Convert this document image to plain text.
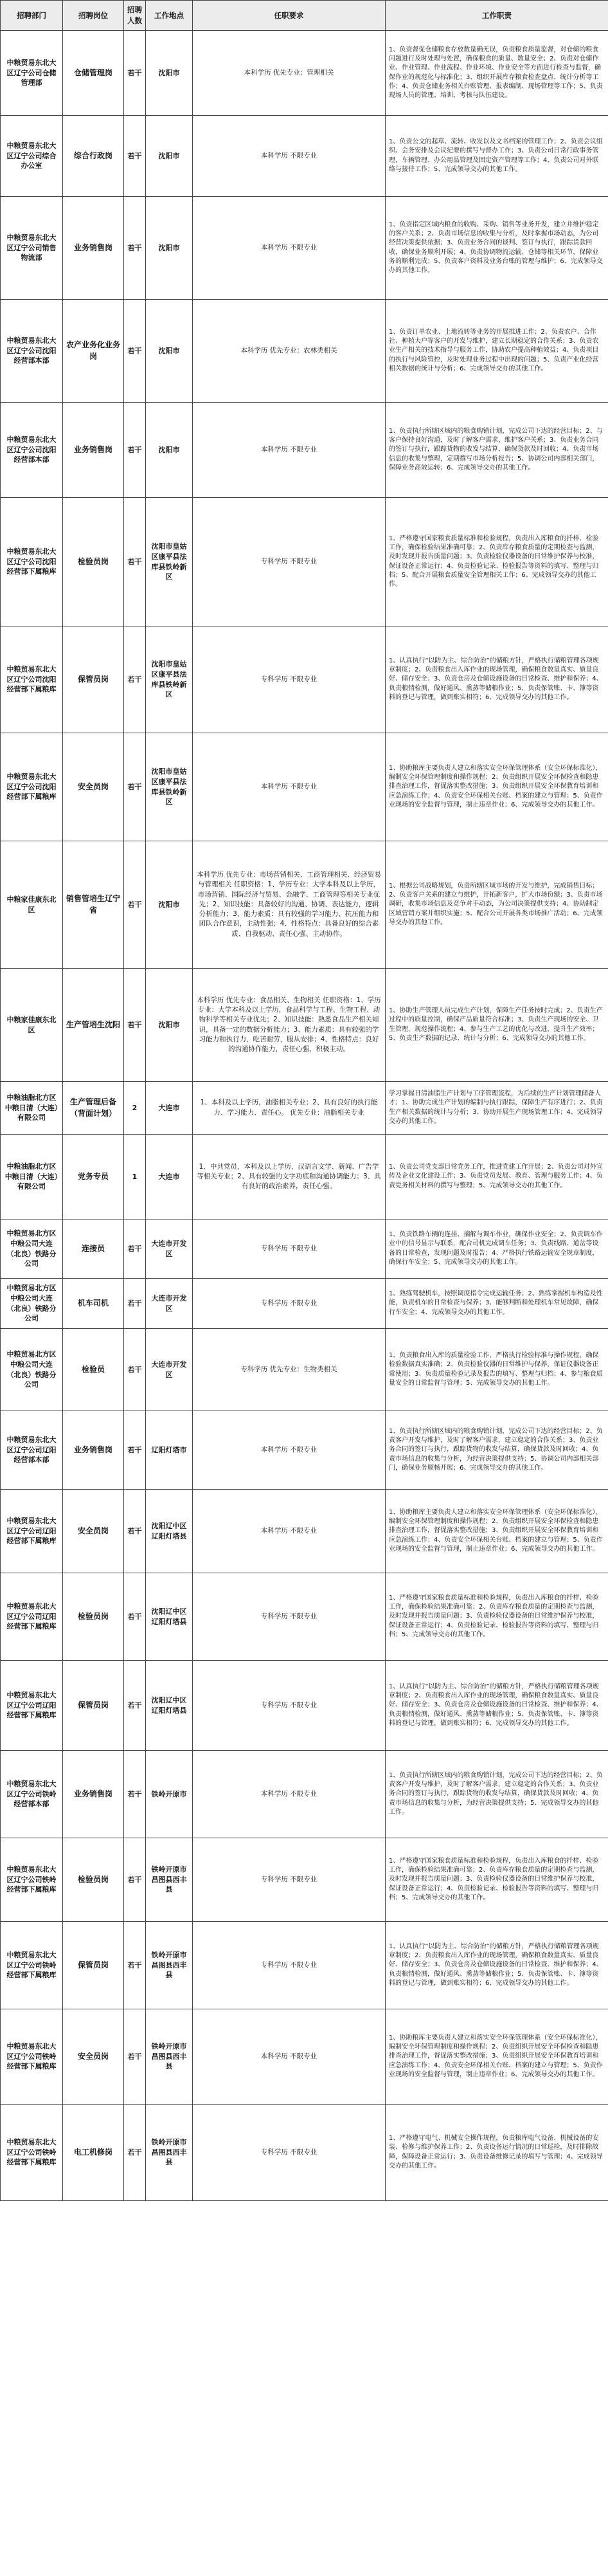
招聘部门	招聘岗位	招聘人数	工作地点	任职要求	工作职责
中粮贸易东北大区辽宁公司仓储管理部	仓储管理岗	若干	沈阳市	本科学历 优先专业：管理相关	1、负责督促仓储粮食存放数量确无误，负责粮食质量监督，对仓储的粮食问题进行及时处理与处置，确保粮食的质量、数量安全；2、负责对仓储作业、作业管理、作业流程、作业环境、作业安全等方面进行检查与监督，确保作业的规范化与标准化；3、组织开展库存粮食检查盘点、统计分析等工作；4、负责仓储业务相关台账管理、报表编制、现场管理等工作；5、负责现场人员的管理、培训、考核与队伍建设。
中粮贸易东北大区辽宁公司综合办公室	综合行政岗	若干	沈阳市	本科学历 不限专业	1、负责公文的起草、流转、收发以及文书档案的管理工作；2、负责会议组织、会务安排及会议纪要的撰写与督办工作；3、负责公司日常行政事务管理，车辆管理、办公用品管理及固定资产管理等工作；4、负责公司对外联络与接待工作；5、完成领导交办的其他工作。
中粮贸易东北大区辽宁公司销售物流部	业务销售岗	若干	沈阳市	本科学历 不限专业	1、负责指定区域内粮食的收购、采购、销售等业务开发，建立并维护稳定的客户关系；2、负责市场信息的收集与分析，及时掌握市场动态，为公司经营决策提供依据；3、负责业务合同的谈判、签订与执行，跟踪货款回收，确保业务顺利开展；4、负责协调物流运输、仓储等相关环节，保障业务的顺利完成；5、负责客户资料及业务台账的管理与维护；6、完成领导交办的其他工作。
中粮贸易东北大区辽宁公司沈阳经营部本部	农产业务化业务岗	若干	沈阳市	本科学历 优先专业：农林类相关	1、负责订单农业、土地流转等业务的开展推进工作；2、负责农户、合作社、种植大户等客户的开发与维护，建立长期稳定的合作关系；3、负责农业生产相关的技术指导与服务工作，协助农户提高种植效益；4、负责项目的执行与风险管控，及时处理业务过程中出现的问题；5、负责产业化经营相关数据的统计与分析；6、完成领导交办的其他工作。
中粮贸易东北大区辽宁公司沈阳经营部本部	业务销售岗	若干	沈阳市	本科学历 不限专业	1、负责执行所辖区域内的粮食购销计划，完成公司下达的经营目标；2、与客户保持良好沟通，及时了解客户需求，维护客户关系；3、负责业务合同的签订与执行，跟踪货物的收发与结算，确保货款及时回收；4、负责市场信息的收集与整理，定期撰写市场分析报告；5、协调公司内部相关部门，保障业务高效运转；6、完成领导交办的其他工作。
中粮贸易东北大区辽宁公司沈阳经营部下属粮库	检验员岗	若干	沈阳市皇姑区康平县法库县铁岭新区	专科学历 不限专业	1、严格遵守国家粮食质量标准和检验规程，负责出入库粮食的扦样、检验工作，确保检验结果准确可靠；2、负责库存粮食质量的定期检查与监测，及时发现并报告质量问题；3、负责检验仪器设备的日常维护保养与校准，保证设备正常运行；4、负责检验记录、检验报告等资料的填写、整理与归档；5、配合开展粮食质量安全管理相关工作；6、完成领导交办的其他工作。
中粮贸易东北大区辽宁公司沈阳经营部下属粮库	保管员岗	若干	沈阳市皇姑区康平县法库县铁岭新区	专科学历 不限专业	1、认真执行“以防为主、综合防治”的储粮方针，严格执行储粮管理各项规章制度；2、负责粮食出入库作业的现场管理，确保粮食数量真实、质量良好、储存安全；3、负责仓房及仓储设施设备的日常检查、维护和保养；4、负责粮情检测，做好通风、熏蒸等储粮作业；5、负责保管账、卡、簿等资料的登记与管理，做到账实相符；6、完成领导交办的其他工作。
中粮贸易东北大区辽宁公司沈阳经营部下属粮库	安全员岗	若干	沈阳市皇姑区康平县法库县铁岭新区	本科学历 不限专业	1、协助粮库主要负责人建立和落实安全环保管理体系（安全环保标准化），编制安全环保管理制度和操作规程；2、负责组织开展安全环保检查和隐患排查治理工作，督促落实整改措施；3、负责组织开展安全环保教育培训和应急演练工作；4、负责安全环保相关台账、档案的建立与管理；5、负责作业现场的安全监督与管理，制止违章作业；6、完成领导交办的其他工作。
中粮家佳康东北区	销售管培生辽宁省	若干	沈阳市	本科学历 优先专业：市场营销相关、工商管理相关、经济贸易与管理相关 任职资格：1、学历专业：大学本科及以上学历，市场营销、国际经济与贸易、金融学、工商管理等相关专业优先；2、知识技能：具备较好的沟通、协调、表达能力，逻辑分析能力；3、能力素质：具有较强的学习能力、抗压能力和团队合作意识，主动性强；4、性格特点：具备良好的综合素质、自我驱动、责任心强、主动协作。	1、根据公司战略规划，负责所辖区域市场的开发与维护，完成销售目标；2、负责客户关系的建立与维护，开拓新客户，扩大市场份额；3、负责市场调研，收集市场信息及竞争对手动态，为公司决策提供支持；4、协助制定区域营销方案并组织实施；5、配合公司开展各类市场推广活动；6、完成领导交办的其他工作。
中粮家佳康东北区	生产管培生沈阳	若干	沈阳市	本科学历 优先专业：食品相关、生物相关 任职资格：1、学历专业：大学本科及以上学历，食品科学与工程、生物工程、动物科学等相关专业优先；2、知识技能：熟悉食品生产相关知识，具备一定的数据分析能力；3、能力素质：具有较强的学习能力和执行力，吃苦耐劳，服从安排；4、性格特点：良好的沟通协作能力，责任心强，积极主动。	1、协助生产管理人员完成生产计划，保障生产任务按时完成；2、负责生产过程中的质量控制，确保产品质量符合标准；3、负责生产现场的安全、卫生管理，规范操作流程；4、参与生产工艺的优化与改进，提升生产效率；5、负责生产数据的记录、统计与分析；6、完成领导交办的其他工作。
中粮油脂北方区中粮日清（大连）有限公司	生产管理后备（背面计划）	2	大连市	1、本科及以上学历，油脂相关专业；2、具有良好的执行能力、学习能力、责任心。 优先专业：油脂相关专业	学习掌握日清油脂生产计划与工序管理流程，为后续的生产计划管理储备人才；1、协助完成生产计划的编制与执行跟踪，保障生产有序进行；2、负责生产相关数据的统计与分析；3、协助开展生产现场管理工作；4、完成领导交办的其他工作。
中粮油脂北方区中粮日清（大连）有限公司	党务专员	1	大连市	1、中共党员，本科及以上学历，汉语言文学、新闻、广告学等相关专业；2、具有较强的文字功底和沟通协调能力；3、具有良好的政治素养，责任心强。	1、负责公司党支部日常党务工作，推进党建工作开展；2、负责公司对外宣传及企业文化建设工作；3、负责党员发展、教育、管理与服务工作；4、负责党务相关材料的撰写与整理；5、完成领导交办的其他工作。
中粮贸易北方区中粮公司大连（北良）铁路分公司	连接员	若干	大连市开发区	专科学历 不限专业	1、负责铁路车辆的连挂、摘解与调车作业，确保作业安全；2、负责调车作业中的信号显示与联系，配合司机完成调车任务；3、负责线路、道岔等设备的日常检查，发现问题及时报告；4、严格执行铁路运输安全规章制度，确保行车安全；5、完成领导交办的其他工作。
中粮贸易北方区中粮公司大连（北良）铁路分公司	机车司机	若干	大连市开发区	专科学历 不限专业	1、熟练驾驶机车，按照调度指令完成运输任务；2、熟练掌握机车构造及性能，负责机车的日常检查与保养；3、能够判断和处理机车常见故障，确保行车安全；4、完成领导交办的其他工作。
中粮贸易北方区中粮公司大连（北良）铁路分公司	检验员	若干	大连市开发区	专科学历 优先专业：生物类相关	1、负责粮食出入库的质量检验工作，严格执行检验标准与操作规程，确保检验数据真实准确；2、负责检验仪器的日常维护与保养，保证仪器设备正常使用；3、负责质量检验记录及报告的填写、整理与归档；4、参与粮食质量安全的日常监督与管理；5、完成领导交办的其他工作。
中粮贸易东北大区辽宁公司辽阳经营部本部	业务销售岗	若干	辽阳灯塔市	本科学历 不限专业	1、负责执行所辖区域内的粮食购销计划，完成公司下达的经营目标；2、负责客户开发与维护，及时了解客户需求，建立稳定的合作关系；3、负责业务合同的签订与执行，跟踪货物的收发与结算，确保货款及时回收；4、负责市场信息的收集与分析，为经营决策提供支持；5、协调公司内部相关部门，确保业务顺畅开展；6、完成领导交办的其他工作。
中粮贸易东北大区辽宁公司辽阳经营部下属粮库	安全员岗	若干	沈阳辽中区辽阳灯塔县	本科学历 不限专业	1、协助粮库主要负责人建立和落实安全环保管理体系（安全环保标准化），编制安全环保管理制度和操作规程；2、负责组织开展安全环保检查和隐患排查治理工作，督促落实整改措施；3、负责组织开展安全环保教育培训和应急演练工作；4、负责安全环保相关台账、档案的建立与管理；5、负责作业现场的安全监督与管理，制止违章作业；6、完成领导交办的其他工作。
中粮贸易东北大区辽宁公司辽阳经营部下属粮库	检验员岗	若干	沈阳辽中区辽阳灯塔县	专科学历 不限专业	1、严格遵守国家粮食质量标准和检验规程，负责出入库粮食的扦样、检验工作，确保检验结果准确可靠；2、负责库存粮食质量的定期检查与监测，及时发现并报告质量问题；3、负责检验仪器设备的日常维护保养与校准，保证设备正常运行；4、负责检验记录、检验报告等资料的填写、整理与归档；5、完成领导交办的其他工作。
中粮贸易东北大区辽宁公司辽阳经营部下属粮库	保管员岗	若干	沈阳辽中区辽阳灯塔县	专科学历 不限专业	1、认真执行“以防为主、综合防治”的储粮方针，严格执行储粮管理各项规章制度；2、负责粮食出入库作业的现场管理，确保粮食数量真实、质量良好、储存安全；3、负责仓房及仓储设施设备的日常检查、维护和保养；4、负责粮情检测，做好通风、熏蒸等储粮作业；5、负责保管账、卡、簿等资料的登记与管理，做到账实相符；6、完成领导交办的其他工作。
中粮贸易东北大区辽宁公司铁岭经营部本部	业务销售岗	若干	铁岭开原市	本科学历 不限专业	1、负责执行所辖区域内的粮食购销计划，完成公司下达的经营目标；2、负责客户开发与维护，及时了解客户需求，建立稳定的合作关系；3、负责业务合同的签订与执行，跟踪货物的收发与结算，确保货款及时回收；4、负责市场信息的收集与分析，为经营决策提供支持；5、完成领导交办的其他工作。
中粮贸易东北大区辽宁公司铁岭经营部下属粮库	检验员岗	若干	铁岭开原市昌图县西丰县	专科学历 不限专业	1、严格遵守国家粮食质量标准和检验规程，负责出入库粮食的扦样、检验工作，确保检验结果准确可靠；2、负责库存粮食质量的定期检查与监测，及时发现并报告质量问题；3、负责检验仪器设备的日常维护保养与校准，保证设备正常运行；4、负责检验记录、检验报告等资料的填写、整理与归档；5、完成领导交办的其他工作。
中粮贸易东北大区辽宁公司铁岭经营部下属粮库	保管员岗	若干	铁岭开原市昌图县西丰县	专科学历 不限专业	1、认真执行“以防为主、综合防治”的储粮方针，严格执行储粮管理各项规章制度；2、负责粮食出入库作业的现场管理，确保粮食数量真实、质量良好、储存安全；3、负责仓房及仓储设施设备的日常检查、维护和保养；4、负责粮情检测，做好通风、熏蒸等储粮作业；5、负责保管账、卡、簿等资料的登记与管理，做到账实相符；6、完成领导交办的其他工作。
中粮贸易东北大区辽宁公司铁岭经营部下属粮库	安全员岗	若干	铁岭开原市昌图县西丰县	本科学历 不限专业	1、协助粮库主要负责人建立和落实安全环保管理体系（安全环保标准化），编制安全环保管理制度和操作规程；2、负责组织开展安全环保检查和隐患排查治理工作，督促落实整改措施；3、负责组织开展安全环保教育培训和应急演练工作；4、负责安全环保相关台账、档案的建立与管理；5、负责作业现场的安全监督与管理，制止违章作业；6、完成领导交办的其他工作。
中粮贸易东北大区辽宁公司铁岭经营部下属粮库	电工机修岗	若干	铁岭开原市昌图县西丰县	专科学历 不限专业	1、严格遵守电气、机械安全操作规程，负责粮库电气设备、机械设备的安装、检修与维护保养工作；2、负责设备运行情况的日常巡检，及时排除故障，保障设备正常运行；3、负责设备维修记录的填写与管理；4、完成领导交办的其他工作。
